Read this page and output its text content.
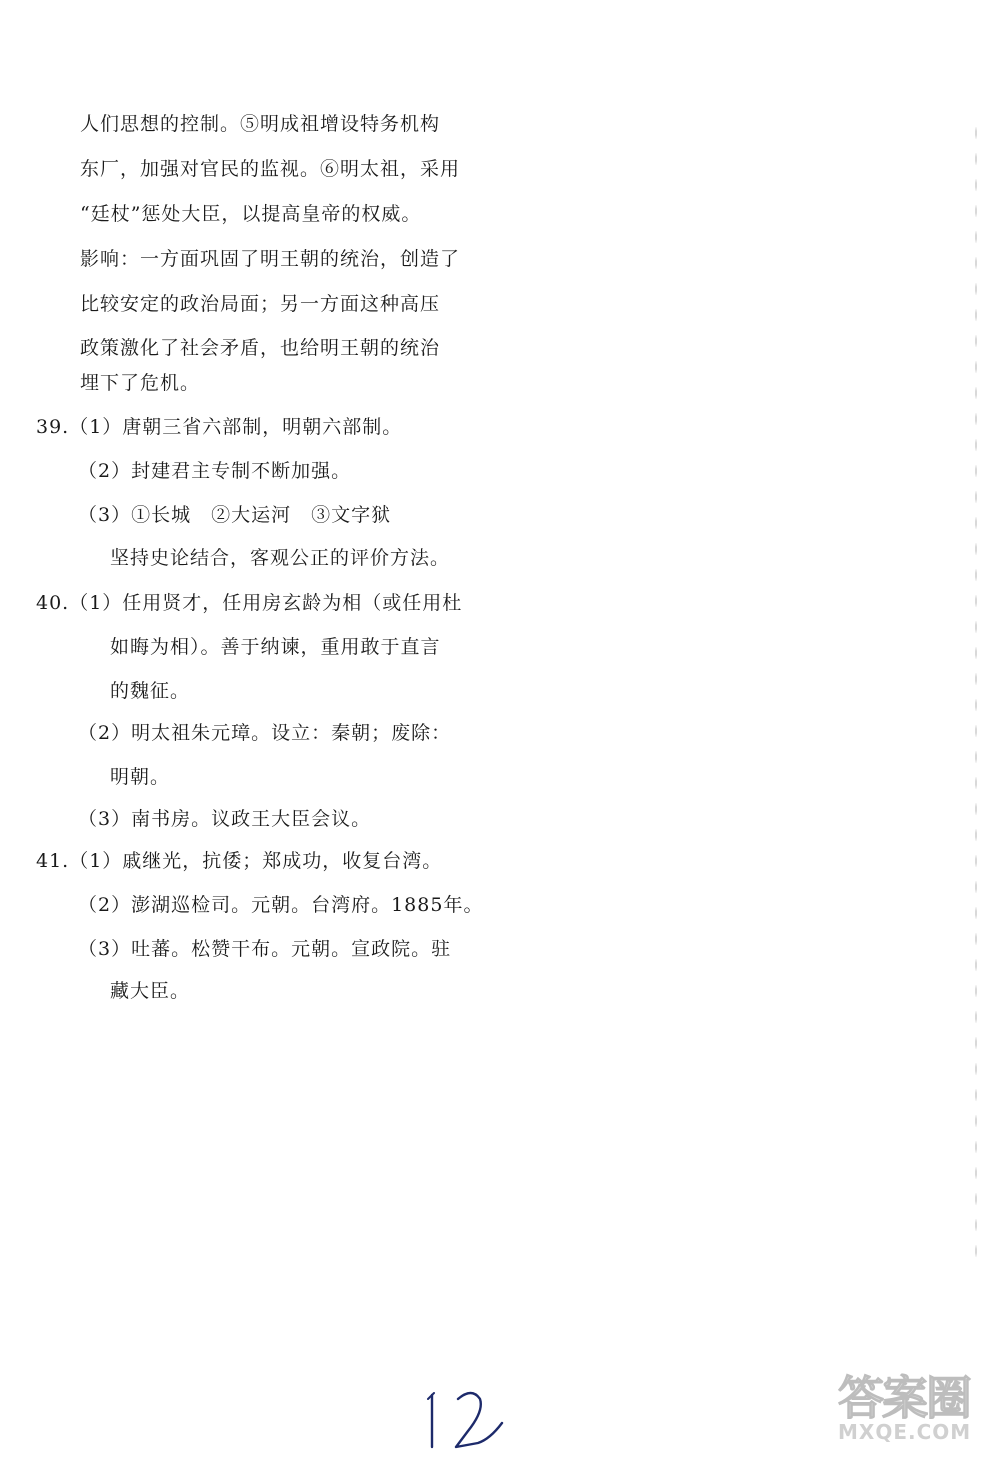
人们思想的控制。⑤明成祖增设特务机构
东厂，加强对官民的监视。⑥明太祖，采用
“廷杖”惩处大臣，以提高皇帝的权威。
影响：一方面巩固了明王朝的统治，创造了
比较安定的政治局面；另一方面这种高压
政策激化了社会矛盾，也给明王朝的统治
埋下了危机。
39.（1）唐朝三省六部制，明朝六部制。
（2）封建君主专制不断加强。
（3）①长城　②大运河　③文字狱
坚持史论结合，客观公正的评价方法。
40.（1）任用贤才，任用房玄龄为相（或任用杜
如晦为相）。善于纳谏，重用敢于直言
的魏征。
（2）明太祖朱元璋。设立：秦朝；废除：
明朝。
（3）南书房。议政王大臣会议。
41.（1）戚继光，抗倭；郑成功，收复台湾。
（2）澎湖巡检司。元朝。台湾府。1885年。
（3）吐蕃。松赞干布。元朝。宣政院。驻
藏大臣。
答案圈
MXQE.COM
